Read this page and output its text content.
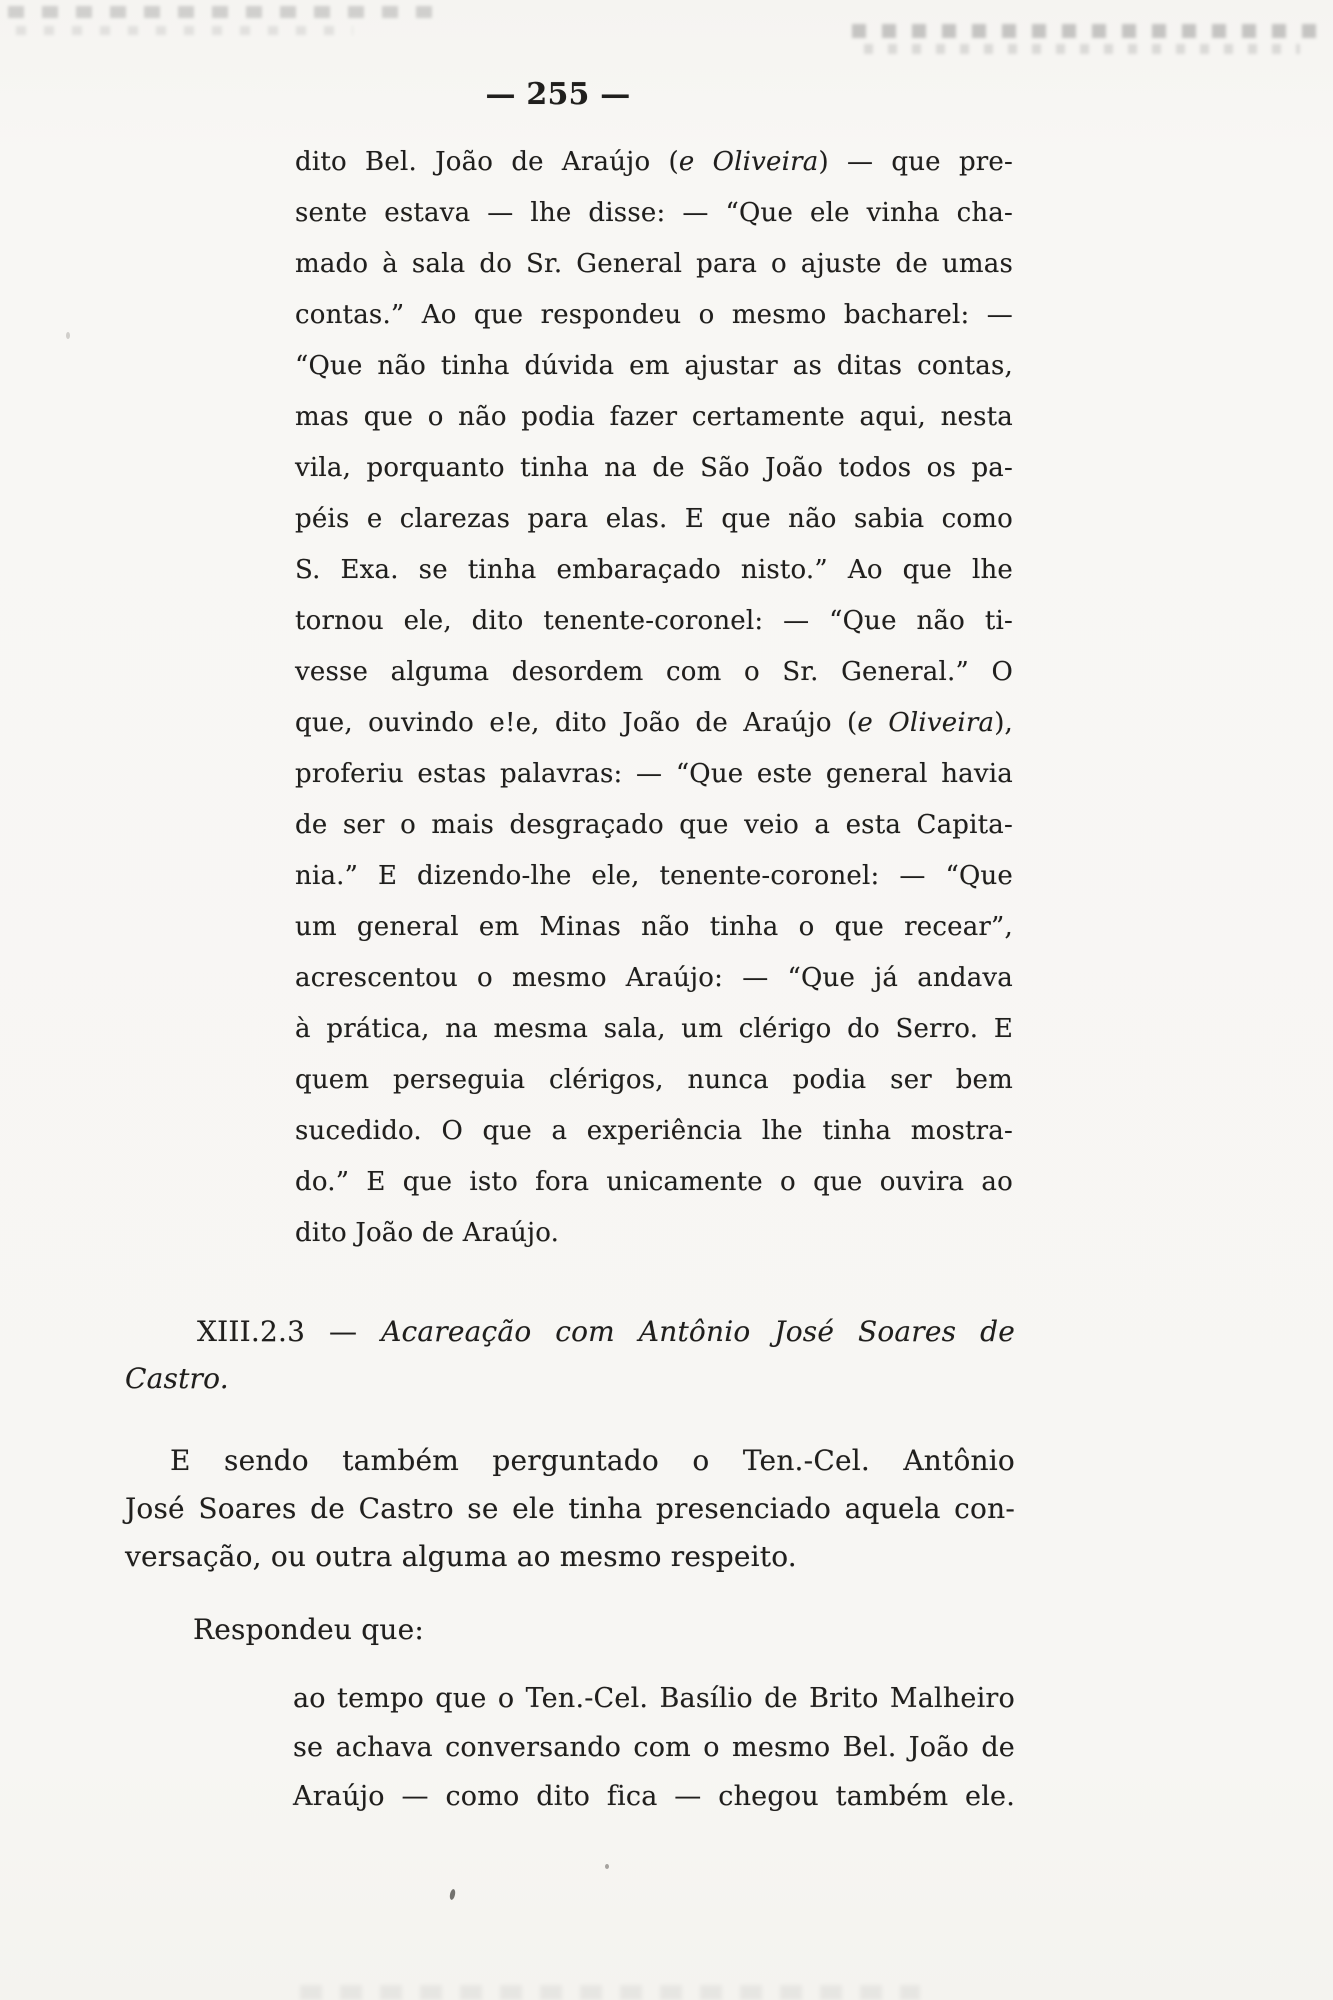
— 255 —
dito Bel. João de Araújo (e Oliveira) — que pre-
sente estava — lhe disse: — “Que ele vinha cha-
mado à sala do Sr. General para o ajuste de umas
contas.” Ao que respondeu o mesmo bacharel: —
“Que não tinha dúvida em ajustar as ditas contas,
mas que o não podia fazer certamente aqui, nesta
vila, porquanto tinha na de São João todos os pa-
péis e clarezas para elas. E que não sabia como
S. Exa. se tinha embaraçado nisto.” Ao que lhe
tornou ele, dito tenente-coronel: — “Que não ti-
vesse alguma desordem com o Sr. General.” O
que, ouvindo e!e, dito João de Araújo (e Oliveira),
proferiu estas palavras: — “Que este general havia
de ser o mais desgraçado que veio a esta Capita-
nia.” E dizendo-lhe ele, tenente-coronel: — “Que
um general em Minas não tinha o que recear”,
acrescentou o mesmo Araújo: — “Que já andava
à prática, na mesma sala, um clérigo do Serro. E
quem perseguia clérigos, nunca podia ser bem
sucedido. O que a experiência lhe tinha mostra-
do.” E que isto fora unicamente o que ouvira ao
dito João de Araújo.
XIII.2.3 — Acareação com Antônio José Soares de
Castro.
E sendo também perguntado o Ten.-Cel. Antônio
José Soares de Castro se ele tinha presenciado aquela con-
versação, ou outra alguma ao mesmo respeito.
Respondeu que:
ao tempo que o Ten.-Cel. Basílio de Brito Malheiro
se achava conversando com o mesmo Bel. João de
Araújo — como dito fica — chegou também ele.
